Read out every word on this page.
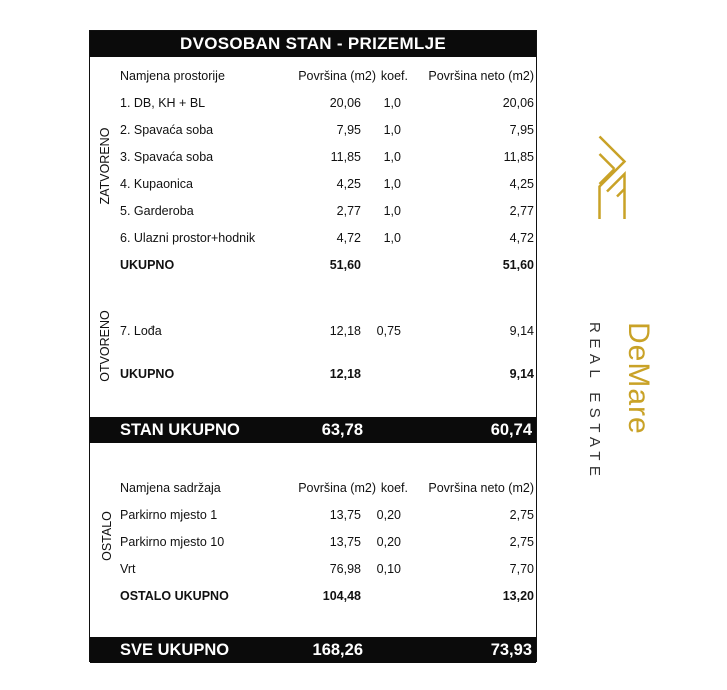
DVOSOBAN STAN - PRIZEMLJE
Namjena prostorije	Površina (m2) koef. Površina neto (m2)
ZATVORENO
1. DB, KH + BL	20,06 1,0	20,06
2. Spavaća soba	7,95 1,0	7,95
3. Spavaća soba	11,85 1,0	11,85
4. Kupaonica	4,25 1,0	4,25
5. Garderoba	2,77 1,0	2,77
6. Ulazni prostor+hodnik	4,72 1,0	4,72
UKUPNO	51,60	51,60
OTVORENO 7. Lođa	12,18 0,75	9,14
UKUPNO	12,18	9,14
STAN UKUPNO	63,78	60,74
Namjena sadržaja	Površina (m2) koef. Površina neto (m2)
OSTALO Parkirno mjesto 1	13,75 0,20	2,75
Parkirno mjesto 10	13,75 0,20	2,75
Vrt	76,98 0,10	7,70
OSTALO UKUPNO	104,48	13,20
SVE UKUPNO	168,26	73,93
DeMare
REAL ESTATE
